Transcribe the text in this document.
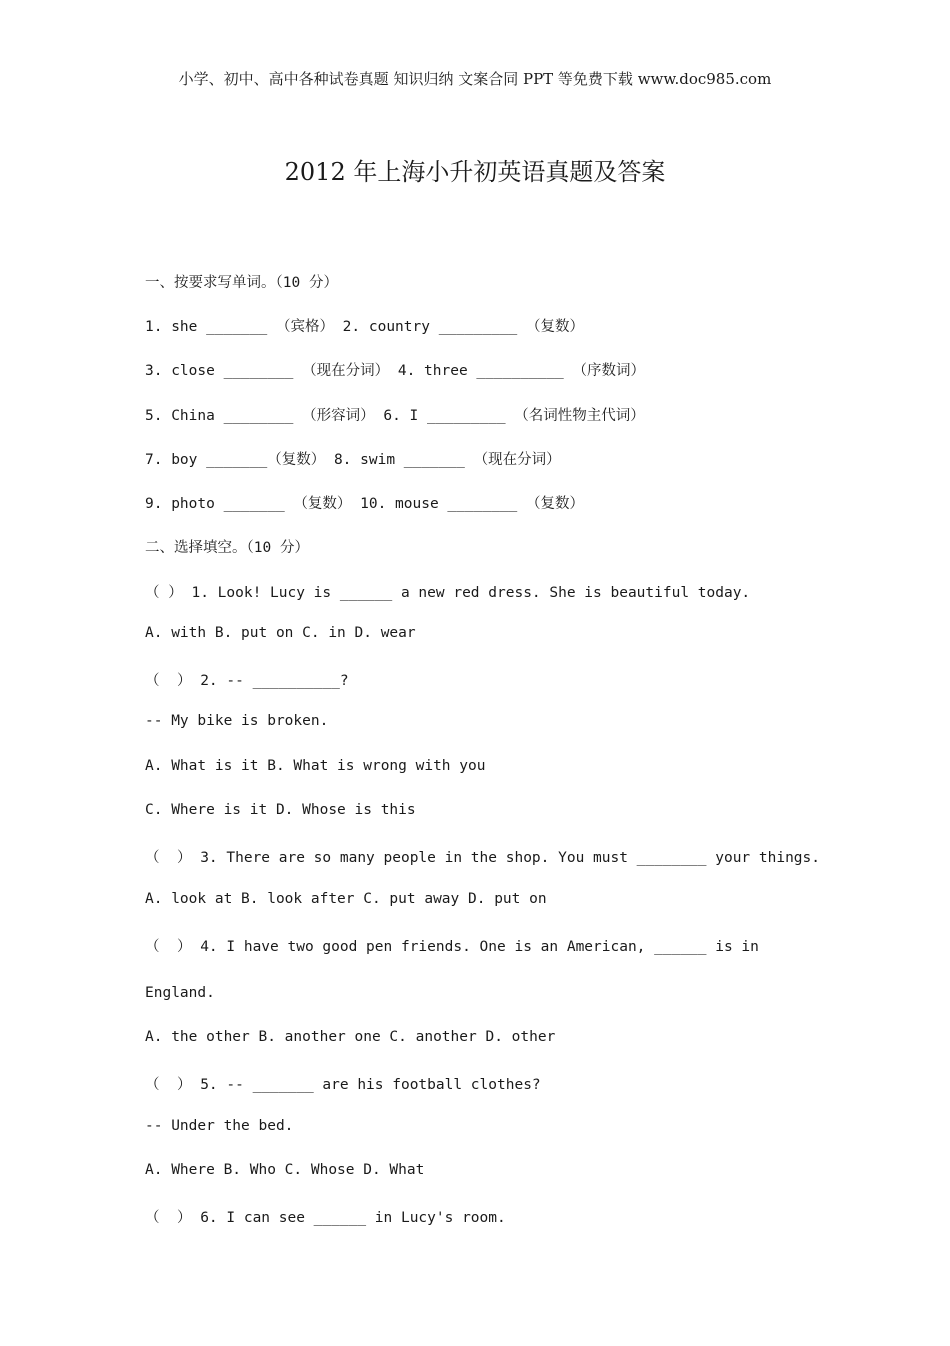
小学、初中、高中各种试卷真题 知识归纳 文案合同 PPT 等免费下载 www.doc985.com
2012 年上海小升初英语真题及答案
一、按要求写单词。（10 分）
1. she _______ （宾格） 2. country _________ （复数）
3. close ________ （现在分词） 4. three __________ （序数词）
5. China ________ （形容词） 6. I _________ （名词性物主代词）
7. boy _______（复数） 8. swim _______ （现在分词）
9. photo _______ （复数） 10. mouse ________ （复数）
二、选择填空。（10 分）
（ ） 1. Look! Lucy is ______ a new red dress. She is beautiful today.
A. with B. put on C. in D. wear
（  ） 2. -- __________?
-- My bike is broken.
A. What is it B. What is wrong with you
C. Where is it D. Whose is this
（  ） 3. There are so many people in the shop. You must ________ your things.
A. look at B. look after C. put away D. put on
（  ） 4. I have two good pen friends. One is an American, ______ is in
England.
A. the other B. another one C. another D. other
（  ） 5. -- _______ are his football clothes?
-- Under the bed.
A. Where B. Who C. Whose D. What
（  ） 6. I can see ______ in Lucy's room.
